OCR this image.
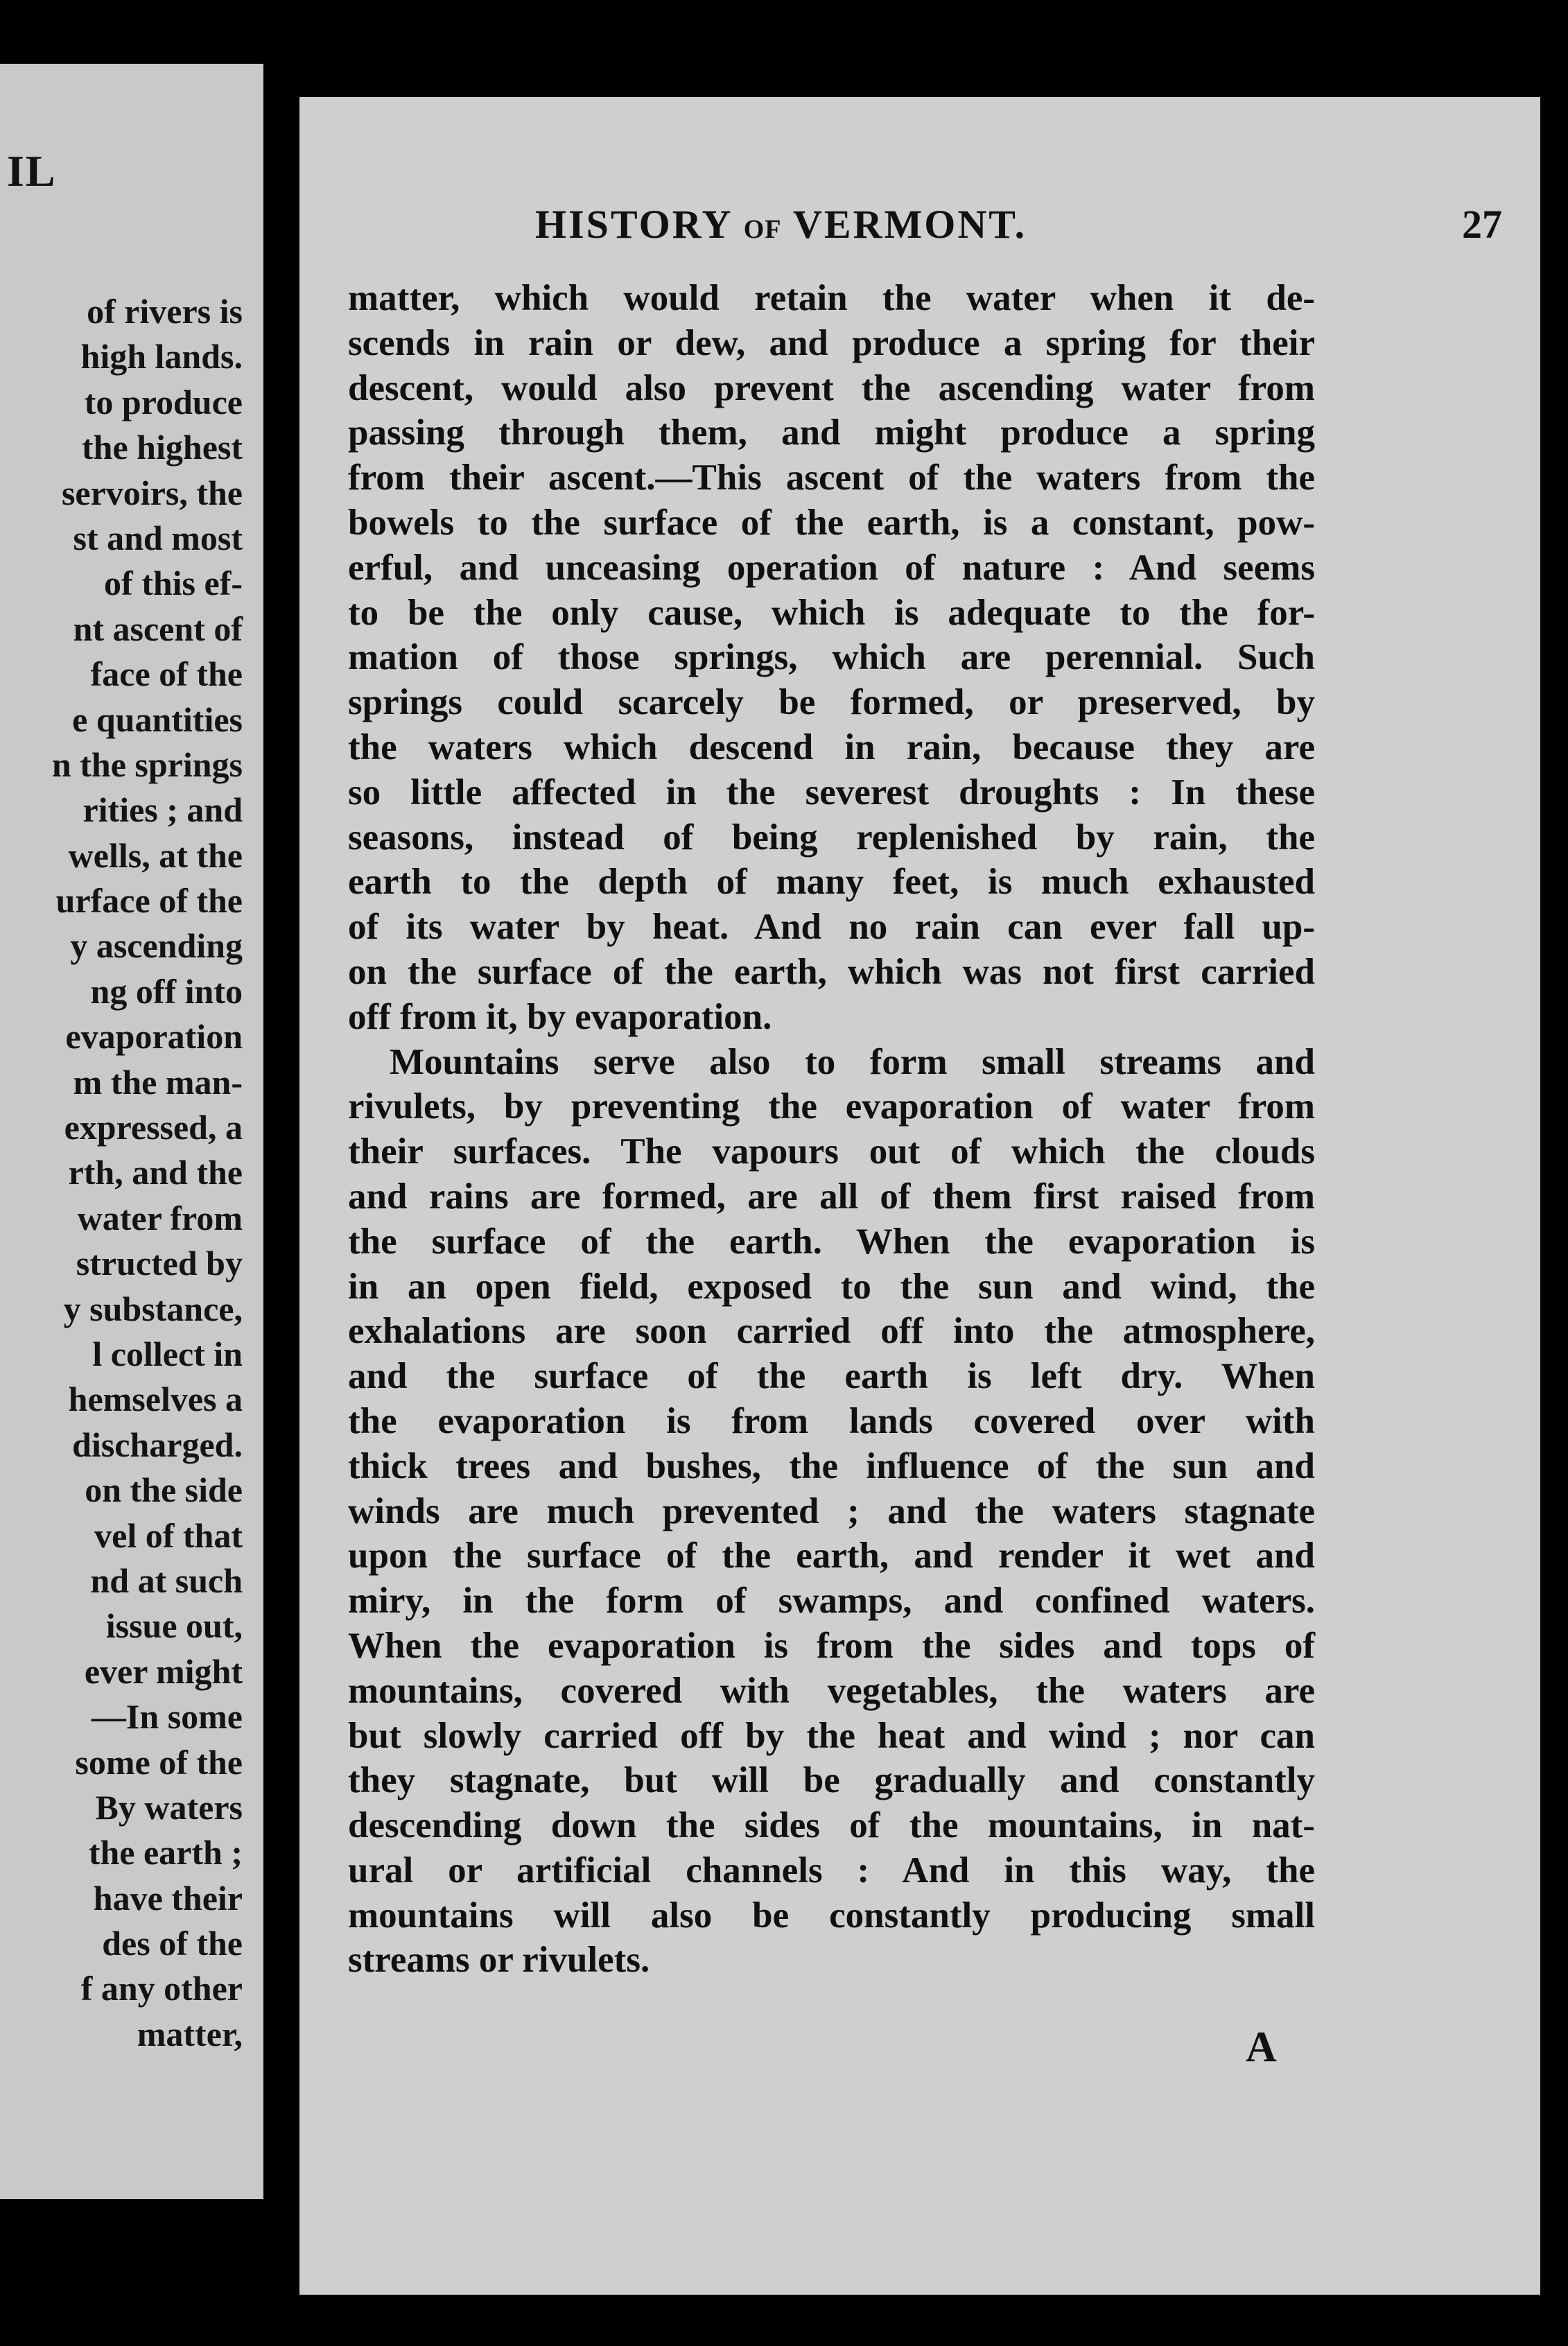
IL
of rivers is
high lands.
to produce
the highest
servoirs, the
st and most
of this ef-
nt ascent of
face of the
e quantities
n the springs
rities ; and
wells, at the
urface of the
y ascending
ng off into
evaporation
m the man-
expressed, a
rth, and the
water from
structed by
y substance,
l collect in
hemselves a
discharged.
on the side
vel of that
nd at such
issue out,
ever might
—In some
some of the
By waters
the earth ;
have their
des of the
f any other
matter,
HISTORY OF VERMONT.	27
matter, which would retain the water when it de-
scends in rain or dew, and produce a spring for their
descent, would also prevent the ascending water from
passing through them, and might produce a spring
from their ascent.—This ascent of the waters from the
bowels to the surface of the earth, is a constant, pow-
erful, and unceasing operation of nature : And seems
to be the only cause, which is adequate to the for-
mation of those springs, which are perennial. Such
springs could scarcely be formed, or preserved, by
the waters which descend in rain, because they are
so little affected in the severest droughts : In these
seasons, instead of being replenished by rain, the
earth to the depth of many feet, is much exhausted
of its water by heat. And no rain can ever fall up-
on the surface of the earth, which was not first carried
off from it, by evaporation.
Mountains serve also to form small streams and
rivulets, by preventing the evaporation of water from
their surfaces. The vapours out of which the clouds
and rains are formed, are all of them first raised from
the surface of the earth. When the evaporation is
in an open field, exposed to the sun and wind, the
exhalations are soon carried off into the atmosphere,
and the surface of the earth is left dry. When
the evaporation is from lands covered over with
thick trees and bushes, the influence of the sun and
winds are much prevented ; and the waters stagnate
upon the surface of the earth, and render it wet and
miry, in the form of swamps, and confined waters.
When the evaporation is from the sides and tops of
mountains, covered with vegetables, the waters are
but slowly carried off by the heat and wind ; nor can
they stagnate, but will be gradually and constantly
descending down the sides of the mountains, in nat-
ural or artificial channels : And in this way, the
mountains will also be constantly producing small
streams or rivulets.
A
